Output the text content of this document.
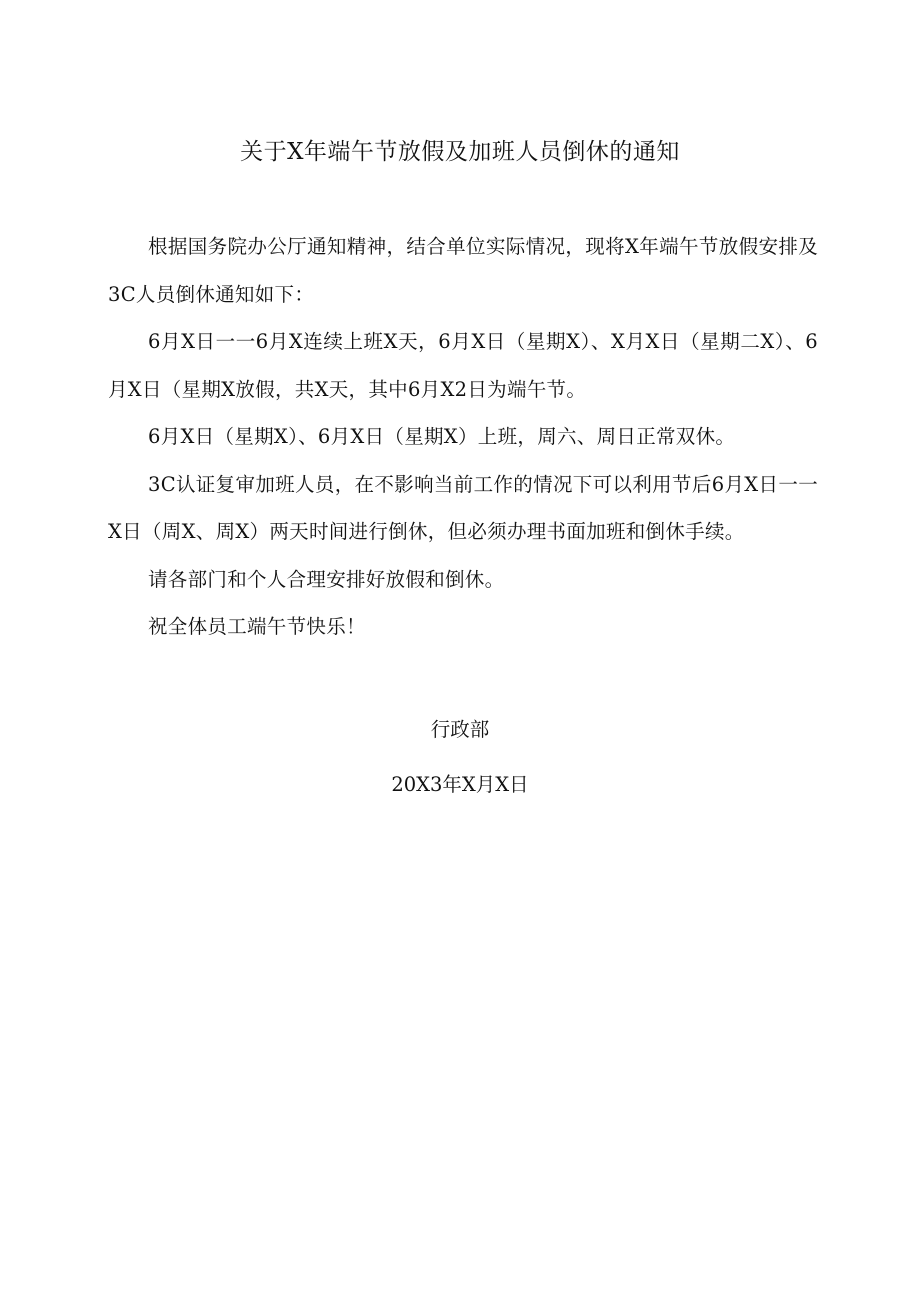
关于X年端午节放假及加班人员倒休的通知

根据国务院办公厅通知精神，结合单位实际情况，现将X年端午节放假安排及3C人员倒休通知如下：

6月X日一一6月X连续上班X天，6月X日（星期X）、X月X日（星期二X）、6月X日（星期X放假，共X天，其中6月X2日为端午节。

6月X日（星期X）、6月X日（星期X）上班，周六、周日正常双休。

3C认证复审加班人员，在不影响当前工作的情况下可以利用节后6月X日一一X日（周X、周X）两天时间进行倒休，但必须办理书面加班和倒休手续。

请各部门和个人合理安排好放假和倒休。

祝全体员工端午节快乐！

行政部
20X3年X月X日
